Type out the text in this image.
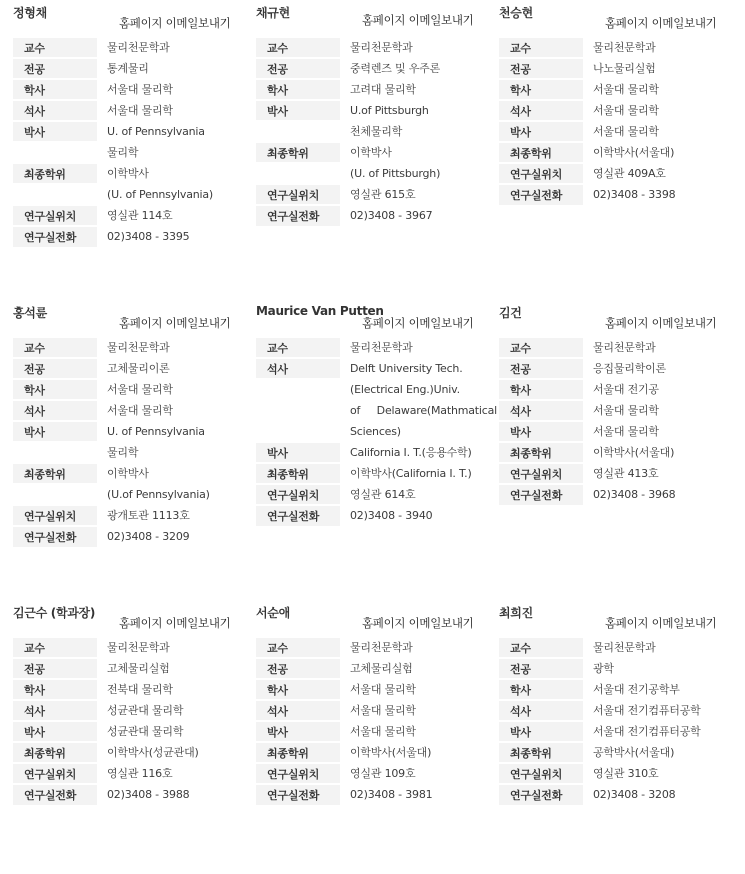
정형채
홈페이지 이메일보내기
교수	물리천문학과
전공	통계물리
학사	서울대 물리학
석사	서울대 물리학
박사	U. of Pennsylvania
	물리학
최종학위	이학박사
	(U. of Pennsylvania)
연구실위치	영실관 114호
연구실전화	02)3408 - 3395
채규현	홈페이지 이메일보내기
교수	물리천문학과
전공	중력렌즈 및 우주론
학사	고려대 물리학
박사	U.of Pittsburgh
	천체물리학
최종학위	이학박사
	(U. of Pittsburgh)
연구실위치	영실관 615호
연구실전화	02)3408 - 3967
천승현
홈페이지 이메일보내기
교수	물리천문학과
전공	나노물리실험
학사	서울대 물리학
석사	서울대 물리학
박사	서울대 물리학
최종학위	이학박사(서울대)
연구실위치	영실관 409A호
연구실전화	02)3408 - 3398
홍석륜
홈페이지 이메일보내기
교수	물리천문학과
전공	고체물리이론
학사	서울대 물리학
석사	서울대 물리학
박사	U. of Pennsylvania
	물리학
최종학위	이학박사
	(U.of Pennsylvania)
연구실위치	광개토관 1113호
연구실전화	02)3408 - 3209
Maurice Van Putten
홈페이지 이메일보내기
교수	물리천문학과
석사	Delft University Tech.
	(Electrical Eng.)Univ.
	of Delaware(Mathmatical
	Sciences)
박사	California I. T.(응용수학)
최종학위	이학박사(California I. T.)
연구실위치	영실관 614호
연구실전화	02)3408 - 3940
김건
홈페이지 이메일보내기
교수	물리천문학과
전공	응집물리학이론
학사	서울대 전기공
석사	서울대 물리학
박사	서울대 물리학
최종학위	이학박사(서울대)
연구실위치	영실관 413호
연구실전화	02)3408 - 3968
김근수 (학과장)
홈페이지 이메일보내기
교수	물리천문학과
전공	고체물리실험
학사	전북대 물리학
석사	성균관대 물리학
박사	성균관대 물리학
최종학위	이학박사(성균관대)
연구실위치	영실관 116호
연구실전화	02)3408 - 3988
서순애
홈페이지 이메일보내기
교수	물리천문학과
전공	고체물리실험
학사	서울대 물리학
석사	서울대 물리학
박사	서울대 물리학
최종학위	이학박사(서울대)
연구실위치	영실관 109호
연구실전화	02)3408 - 3981
최희진
홈페이지 이메일보내기
교수	물리천문학과
전공	광학
학사	서울대 전기공학부
석사	서울대 전기컴퓨터공학
박사	서울대 전기컴퓨터공학
최종학위	공학박사(서울대)
연구실위치	영실관 310호
연구실전화	02)3408 - 3208
